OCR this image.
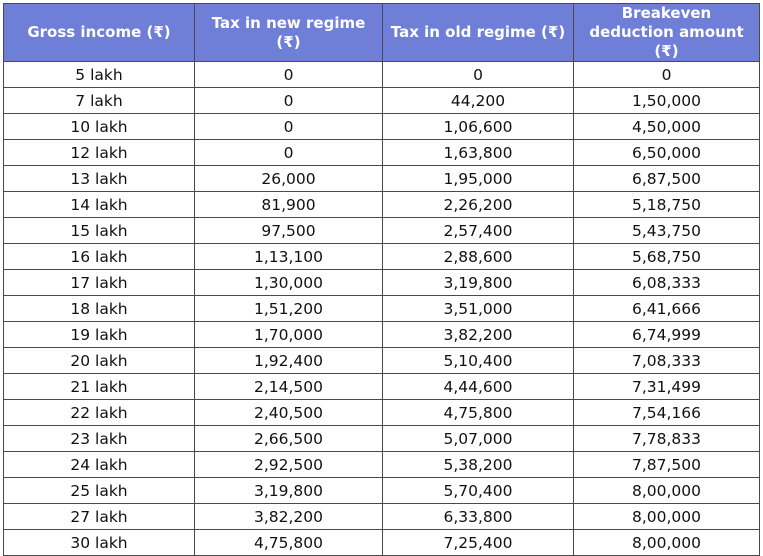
Gross income (₹)	Tax in new regime (₹)	Tax in old regime (₹)	Breakeven deduction amount (₹)
5 lakh	0	0	0
7 lakh	0	44,200	1,50,000
10 lakh	0	1,06,600	4,50,000
12 lakh	0	1,63,800	6,50,000
13 lakh	26,000	1,95,000	6,87,500
14 lakh	81,900	2,26,200	5,18,750
15 lakh	97,500	2,57,400	5,43,750
16 lakh	1,13,100	2,88,600	5,68,750
17 lakh	1,30,000	3,19,800	6,08,333
18 lakh	1,51,200	3,51,000	6,41,666
19 lakh	1,70,000	3,82,200	6,74,999
20 lakh	1,92,400	5,10,400	7,08,333
21 lakh	2,14,500	4,44,600	7,31,499
22 lakh	2,40,500	4,75,800	7,54,166
23 lakh	2,66,500	5,07,000	7,78,833
24 lakh	2,92,500	5,38,200	7,87,500
25 lakh	3,19,800	5,70,400	8,00,000
27 lakh	3,82,200	6,33,800	8,00,000
30 lakh	4,75,800	7,25,400	8,00,000
